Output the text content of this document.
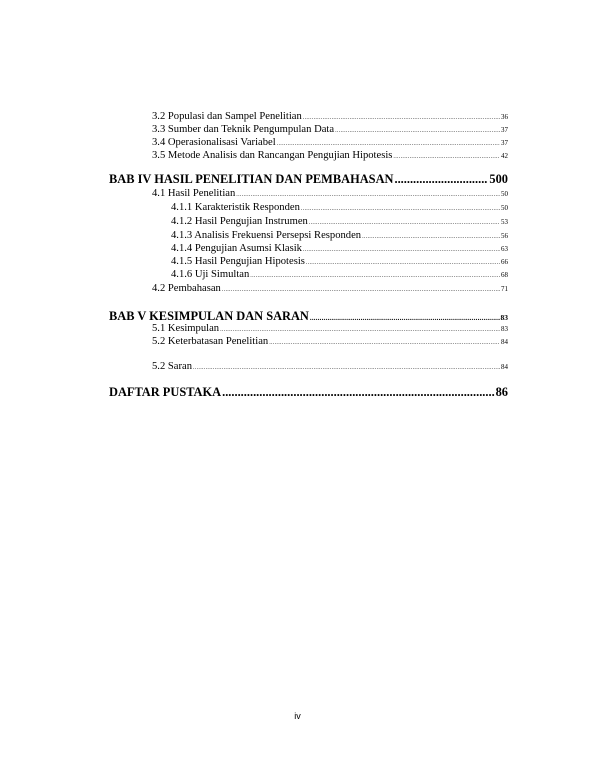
3.2 Populasi dan Sampel Penelitian .....	36
3.3 Sumber dan Teknik Pengumpulan Data .....	37
3.4 Operasionalisasi Variabel .....	37
3.5 Metode Analisis dan Rancangan Pengujian Hipotesis .....	42
BAB IV HASIL PENELITIAN DAN PEMBAHASAN .....	500
4.1 Hasil Penelitian .....	50
4.1.1 Karakteristik Responden .....	50
4.1.2 Hasil Pengujian Instrumen .....	53
4.1.3 Analisis Frekuensi Persepsi Responden .....	56
4.1.4 Pengujian Asumsi Klasik .....	63
4.1.5 Hasil Pengujian Hipotesis .....	66
4.1.6 Uji Simultan .....	68
4.2 Pembahasan .....	71
BAB V KESIMPULAN DAN SARAN .....	83
5.1 Kesimpulan .....	83
5.2 Keterbatasan Penelitian .....	84
5.2 Saran .....	84
DAFTAR PUSTAKA .....	86
iv
